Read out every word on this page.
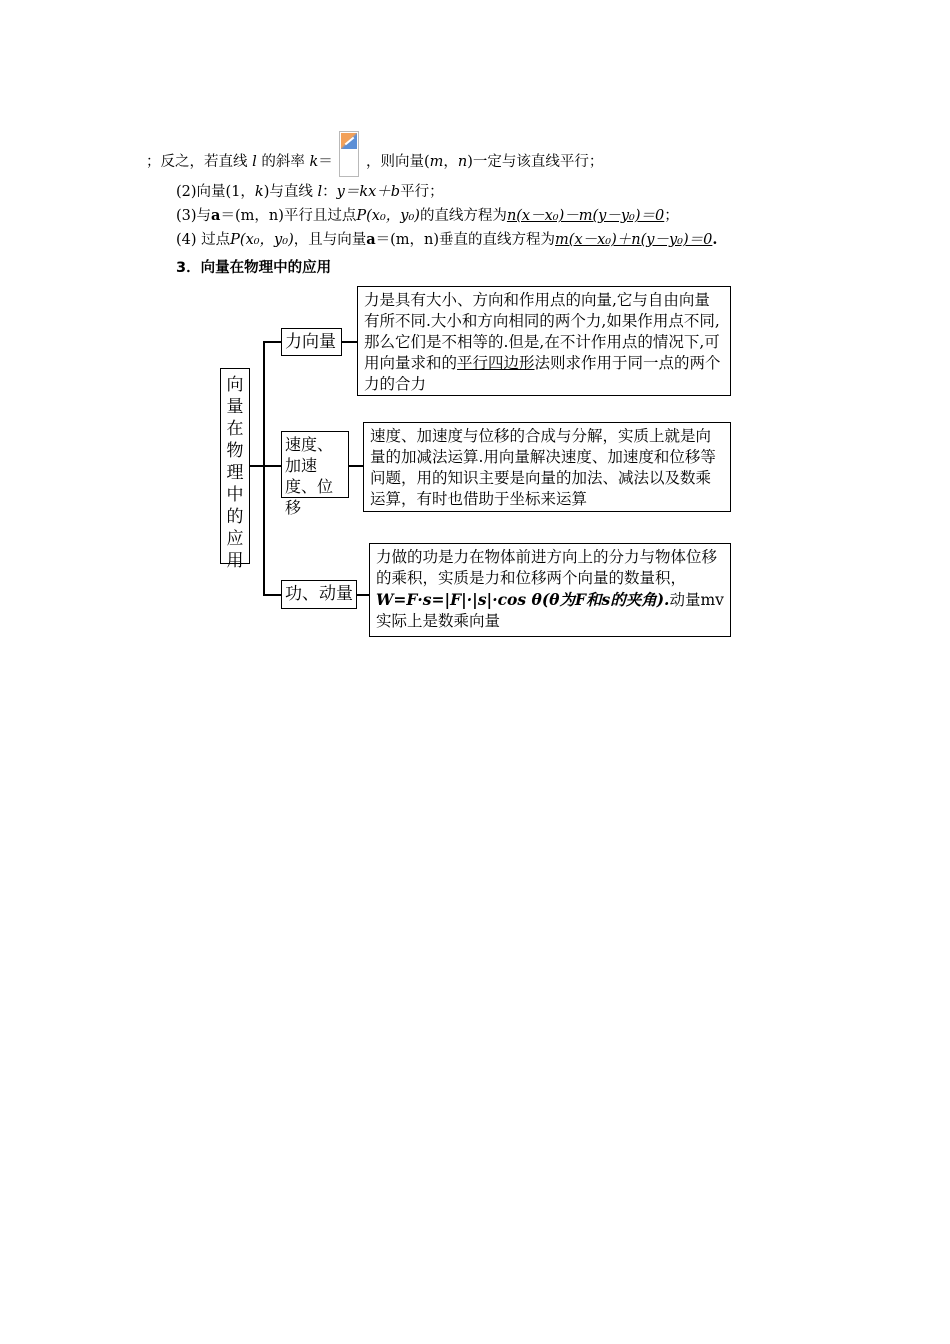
；反之，若直线 l 的斜率 k＝ ，则向量(m，n)一定与该直线平行；
(2)向量(1，k)与直线 l：y＝kx＋b平行；
(3)与a＝(m，n)平行且过点P(x₀，y₀)的直线方程为n(x－x₀)－m(y－y₀)＝0；
(4) 过点P(x₀，y₀)，且与向量a＝(m，n)垂直的直线方程为m(x－x₀)＋n(y－y₀)＝0.
3．向量在物理中的应用
向
量
在
物
理
中
的
应
用
力向量
力是具有大小、方向和作用点的向量,它与自由向量有所不同.大小和方向相同的两个力,如果作用点不同,那么它们是不相等的.但是,在不计作用点的情况下,可用向量求和的平行四边形法则求作用于同一点的两个力的合力
速度、加速度、位移
速度、加速度与位移的合成与分解，实质上就是向量的加减法运算.用向量解决速度、加速度和位移等问题，用的知识主要是向量的加法、减法以及数乘运算，有时也借助于坐标来运算
功、动量
力做的功是力在物体前进方向上的分力与物体位移的乘积，实质是力和位移两个向量的数量积，W=F·s=|F|·|s|·cos θ(θ为F和s的夹角).动量mv实际上是数乘向量
